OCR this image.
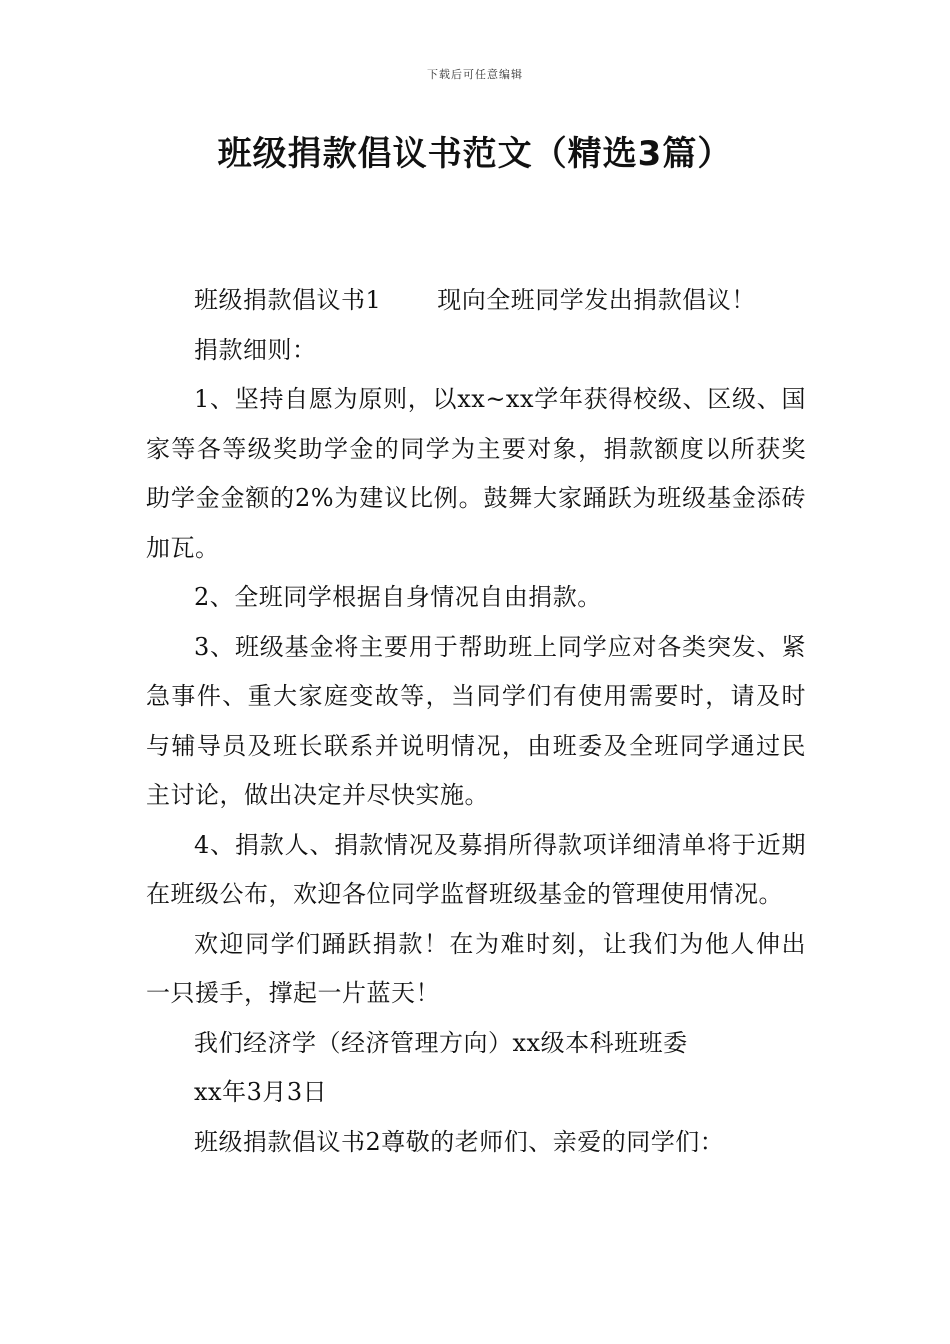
下载后可任意编辑
班级捐款倡议书范文（精选3篇）

班级捐款倡议书1 现向全班同学发出捐款倡议！

捐款细则：

1、坚持自愿为原则，以xx~xx学年获得校级、区级、国家等各等级奖助学金的同学为主要对象，捐款额度以所获奖助学金金额的2%为建议比例。鼓舞大家踊跃为班级基金添砖加瓦。

2、全班同学根据自身情况自由捐款。

3、班级基金将主要用于帮助班上同学应对各类突发、紧急事件、重大家庭变故等，当同学们有使用需要时，请及时与辅导员及班长联系并说明情况，由班委及全班同学通过民主讨论，做出决定并尽快实施。

4、捐款人、捐款情况及募捐所得款项详细清单将于近期在班级公布，欢迎各位同学监督班级基金的管理使用情况。

欢迎同学们踊跃捐款！在为难时刻，让我们为他人伸出一只援手，撑起一片蓝天！

我们经济学（经济管理方向）xx级本科班班委

xx年3月3日

班级捐款倡议书2尊敬的老师们、亲爱的同学们：
